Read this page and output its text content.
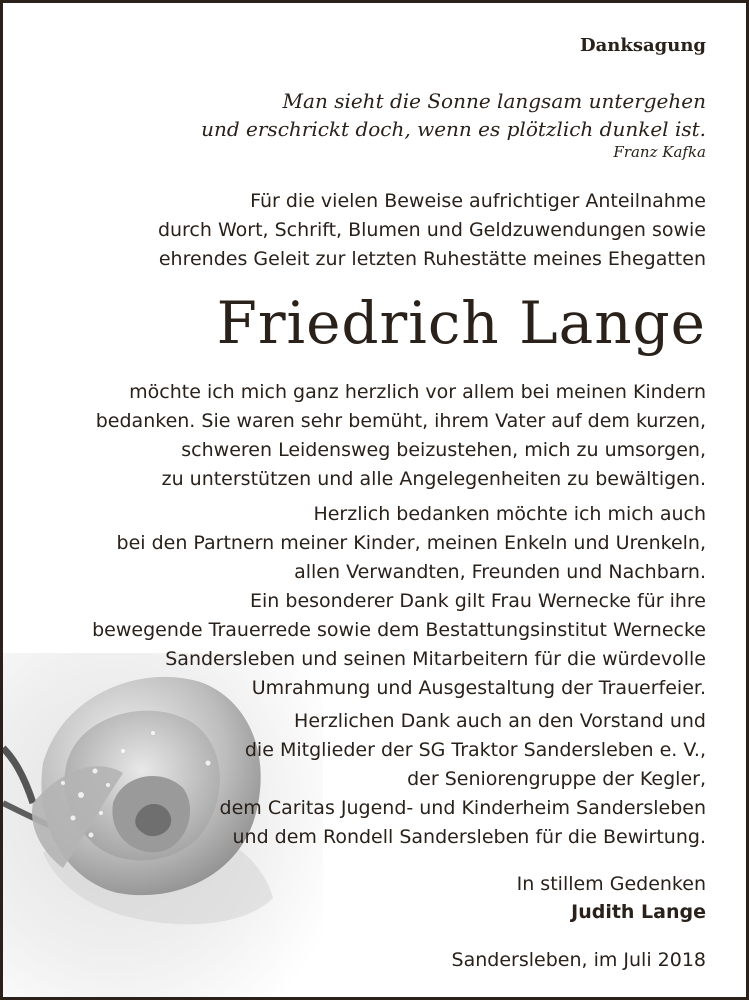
Danksagung
Man sieht die Sonne langsam untergehen
und erschrickt doch, wenn es plötzlich dunkel ist.
Franz Kafka
Für die vielen Beweise aufrichtiger Anteilnahme
durch Wort, Schrift, Blumen und Geldzuwendungen sowie
ehrendes Geleit zur letzten Ruhestätte meines Ehegatten
Friedrich Lange
möchte ich mich ganz herzlich vor allem bei meinen Kindern
bedanken. Sie waren sehr bemüht, ihrem Vater auf dem kurzen,
schweren Leidensweg beizustehen, mich zu umsorgen,
zu unterstützen und alle Angelegenheiten zu bewältigen.
Herzlich bedanken möchte ich mich auch
bei den Partnern meiner Kinder, meinen Enkeln und Urenkeln,
allen Verwandten, Freunden und Nachbarn.
Ein besonderer Dank gilt Frau Wernecke für ihre
bewegende Trauerrede sowie dem Bestattungsinstitut Wernecke
Sandersleben und seinen Mitarbeitern für die würdevolle
Umrahmung und Ausgestaltung der Trauerfeier.
Herzlichen Dank auch an den Vorstand und
die Mitglieder der SG Traktor Sandersleben e. V.,
der Seniorengruppe der Kegler,
dem Caritas Jugend- und Kinderheim Sandersleben
und dem Rondell Sandersleben für die Bewirtung.
In stillem Gedenken
Judith Lange
Sandersleben, im Juli 2018
